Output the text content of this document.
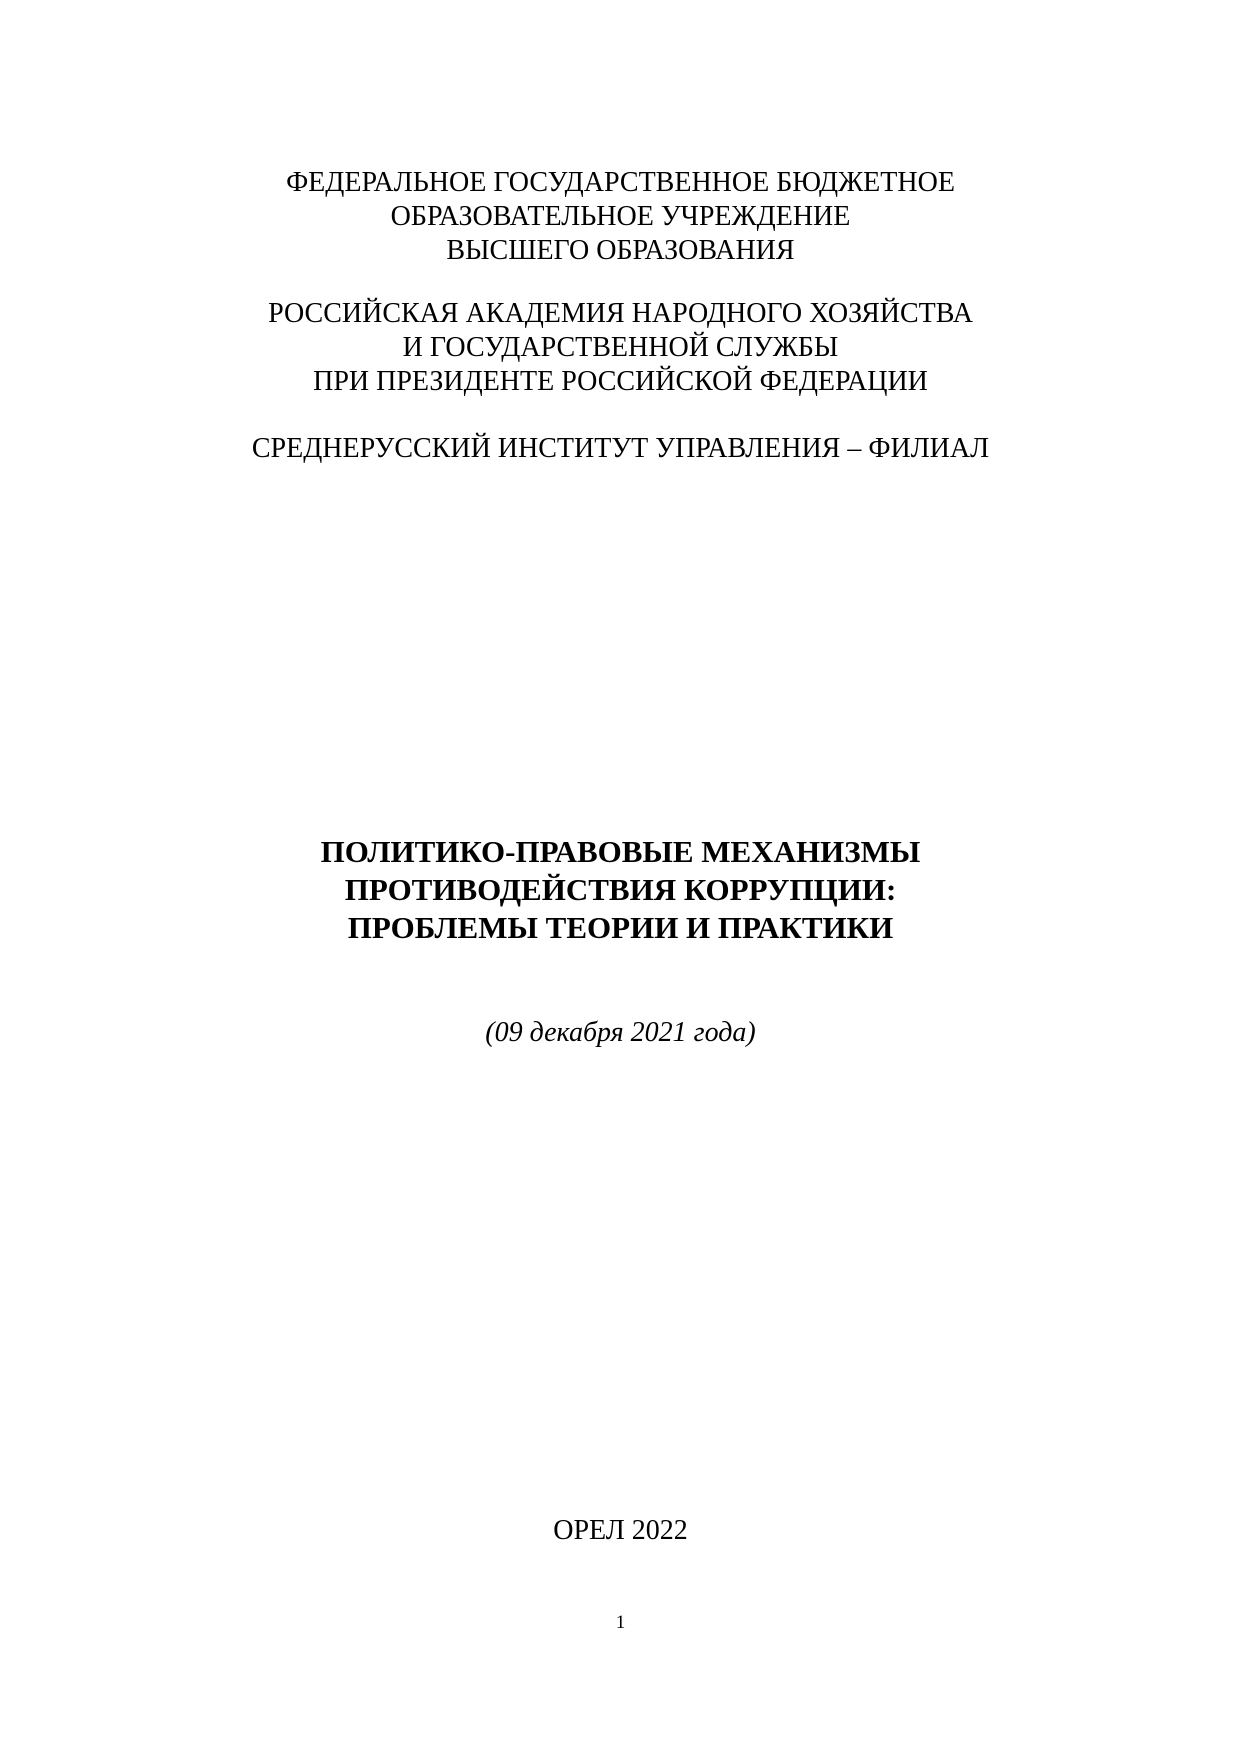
ФЕДЕРАЛЬНОЕ ГОСУДАРСТВЕННОЕ БЮДЖЕТНОЕ
ОБРАЗОВАТЕЛЬНОЕ УЧРЕЖДЕНИЕ
ВЫСШЕГО ОБРАЗОВАНИЯ
РОССИЙСКАЯ АКАДЕМИЯ НАРОДНОГО ХОЗЯЙСТВА
И ГОСУДАРСТВЕННОЙ СЛУЖБЫ
ПРИ ПРЕЗИДЕНТЕ РОССИЙСКОЙ ФЕДЕРАЦИИ
СРЕДНЕРУССКИЙ ИНСТИТУТ УПРАВЛЕНИЯ – ФИЛИАЛ
ПОЛИТИКО-ПРАВОВЫЕ МЕХАНИЗМЫ
ПРОТИВОДЕЙСТВИЯ КОРРУПЦИИ:
ПРОБЛЕМЫ ТЕОРИИ И ПРАКТИКИ
(09 декабря 2021 года)
ОРЕЛ 2022
1
